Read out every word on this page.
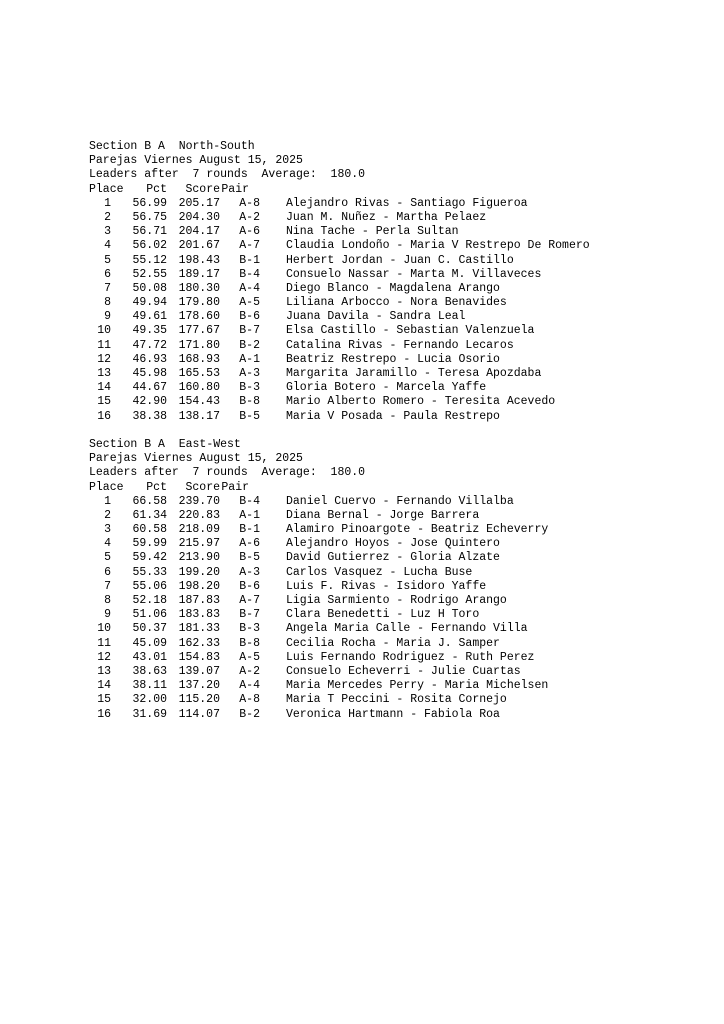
Section B A  North-South
Parejas Viernes August 15, 2025
Leaders after  7 rounds  Average:  180.0
Place	Pct	Score Pair
1	56.99	205.17	A-8	Alejandro Rivas - Santiago Figueroa
2	56.75	204.30	A-2	Juan M. Nuñez - Martha Pelaez
3	56.71	204.17	A-6	Nina Tache - Perla Sultan
4	56.02	201.67	A-7	Claudia Londoño - Maria V Restrepo De Romero
5	55.12	198.43	B-1	Herbert Jordan - Juan C. Castillo
6	52.55	189.17	B-4	Consuelo Nassar - Marta M. Villaveces
7	50.08	180.30	A-4	Diego Blanco - Magdalena Arango
8	49.94	179.80	A-5	Liliana Arbocco - Nora Benavides
9	49.61	178.60	B-6	Juana Davila - Sandra Leal
10	49.35	177.67	B-7	Elsa Castillo - Sebastian Valenzuela
11	47.72	171.80	B-2	Catalina Rivas - Fernando Lecaros
12	46.93	168.93	A-1	Beatriz Restrepo - Lucia Osorio
13	45.98	165.53	A-3	Margarita Jaramillo - Teresa Apozdaba
14	44.67	160.80	B-3	Gloria Botero - Marcela Yaffe
15	42.90	154.43	B-8	Mario Alberto Romero - Teresita Acevedo
16	38.38	138.17	B-5	Maria V Posada - Paula Restrepo
Section B A  East-West
Parejas Viernes August 15, 2025
Leaders after  7 rounds  Average:  180.0
Place	Pct	Score Pair
1	66.58	239.70	B-4	Daniel Cuervo - Fernando Villalba
2	61.34	220.83	A-1	Diana Bernal - Jorge Barrera
3	60.58	218.09	B-1	Alamiro Pinoargote - Beatriz Echeverry
4	59.99	215.97	A-6	Alejandro Hoyos - Jose Quintero
5	59.42	213.90	B-5	David Gutierrez - Gloria Alzate
6	55.33	199.20	A-3	Carlos Vasquez - Lucha Buse
7	55.06	198.20	B-6	Luis F. Rivas - Isidoro Yaffe
8	52.18	187.83	A-7	Ligia Sarmiento - Rodrigo Arango
9	51.06	183.83	B-7	Clara Benedetti - Luz H Toro
10	50.37	181.33	B-3	Angela Maria Calle - Fernando Villa
11	45.09	162.33	B-8	Cecilia Rocha - Maria J. Samper
12	43.01	154.83	A-5	Luis Fernando Rodriguez - Ruth Perez
13	38.63	139.07	A-2	Consuelo Echeverri - Julie Cuartas
14	38.11	137.20	A-4	Maria Mercedes Perry - Maria Michelsen
15	32.00	115.20	A-8	Maria T Peccini - Rosita Cornejo
16	31.69	114.07	B-2	Veronica Hartmann - Fabiola Roa
